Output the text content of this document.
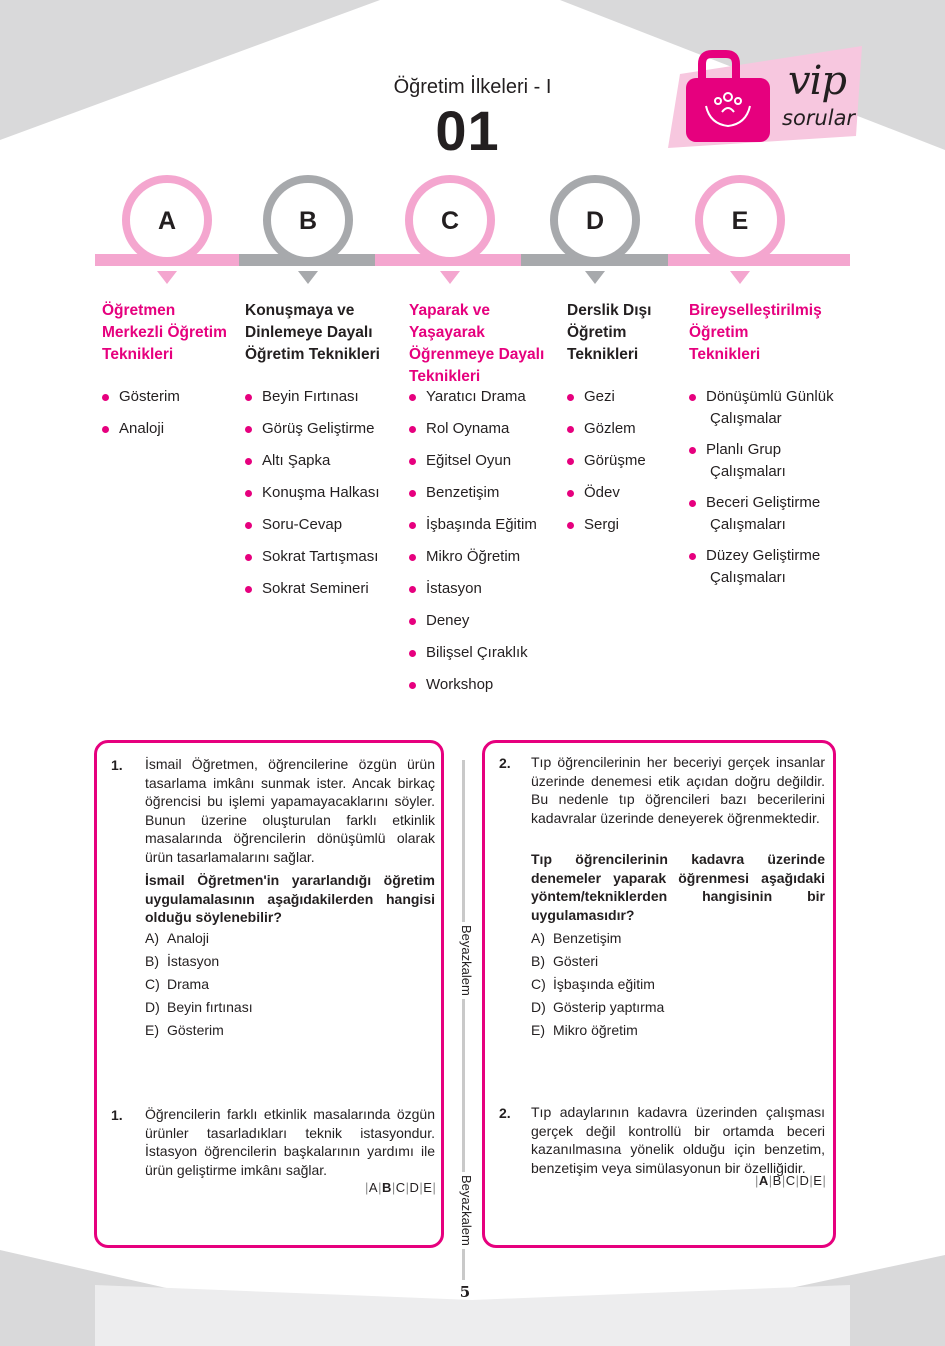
Öğretim İlkeleri - I
01
vip
sorular
A	B	C	D	E
Öğretmen
Merkezli Öğretim
Teknikleri
Gösterim
Analoji
Konuşmaya ve
Dinlemeye Dayalı
Öğretim Teknikleri
Beyin Fırtınası
Görüş Geliştirme
Altı Şapka
Konuşma Halkası
Soru-Cevap
Sokrat Tartışması
Sokrat Semineri
Yaparak ve
Yaşayarak
Öğrenmeye Dayalı
Teknikleri
Yaratıcı Drama
Rol Oynama
Eğitsel Oyun
Benzetişim
İşbaşında Eğitim
Mikro Öğretim
İstasyon
Deney
Bilişsel Çıraklık
Workshop
Derslik Dışı
Öğretim
Teknikleri
Gezi
Gözlem
Görüşme
Ödev
Sergi
Bireyselleştirilmiş
Öğretim
Teknikleri
Dönüşümlü Günlük
Çalışmalar
Planlı Grup
Çalışmaları
Beceri Geliştirme
Çalışmaları
Düzey Geliştirme
Çalışmaları
1. İsmail Öğretmen, öğrencilerine özgün ürün tasarlama imkânı sunmak ister. Ancak birkaç öğrencisi bu işlemi yapamayacaklarını söyler. Bunun üzerine oluşturulan farklı etkinlik masalarında öğrencilerin dönüşümlü olarak ürün tasarlamalarını sağlar.
İsmail Öğretmen'in yararlandığı öğretim uygulamalasının aşağıdakilerden hangisi olduğu söylenebilir?
A) Analoji
B) İstasyon
C) Drama
D) Beyin fırtınası
E) Gösterim
1. Öğrencilerin farklı etkinlik masalarında özgün ürünler tasarladıkları teknik istasyondur. İstasyon öğrencilerin başkalarının yardımı ile ürün geliştirme imkânı sağlar.
|A|B|C|D|E|
2. Tıp öğrencilerinin her beceriyi gerçek insanlar üzerinde denemesi etik açıdan doğru değildir. Bu nedenle tıp öğrencileri bazı becerilerini kadavralar üzerinde deneyerek öğrenmektedir.
Tıp öğrencilerinin kadavra üzerinde denemeler yaparak öğrenmesi aşağıdaki yöntem/tekniklerden hangisinin bir uygulamasıdır?
A) Benzetişim
B) Gösteri
C) İşbaşında eğitim
D) Gösterip yaptırma
E) Mikro öğretim
2. Tıp adaylarının kadavra üzerinden çalışması gerçek değil kontrollü bir ortamda beceri kazanılmasına yönelik olduğu için benzetim, benzetişim veya simülasyonun bir özelliğidir.
|A|B|C|D|E|
Beyazkalem
Beyazkalem
5
